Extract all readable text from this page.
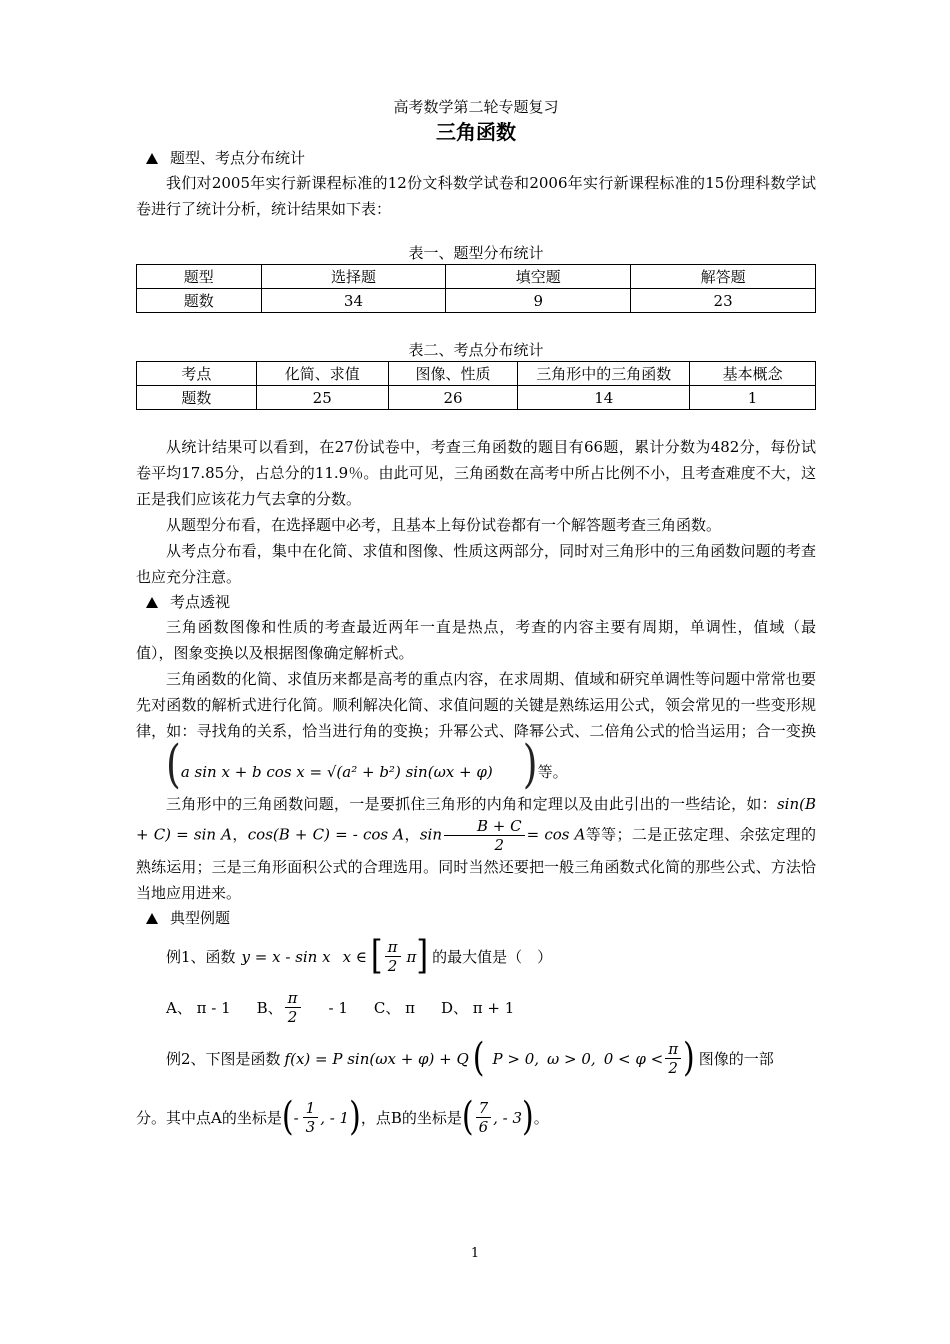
高考数学第二轮专题复习
三角函数
题型、考点分布统计

我们对2005年实行新课程标准的12份文科数学试卷和2006年实行新课程标准的15份理科数学试卷进行了统计分析，统计结果如下表：

表一、题型分布统计
题型	选择题	填空题	解答题
题数	34	9	23
表二、考点分布统计
考点	化简、求值	图像、性质	三角形中的三角函数	基本概念
题数	25	26	14	1

从统计结果可以看到，在27份试卷中，考查三角函数的题目有66题，累计分数为482分，每份试卷平均17.85分，占总分的11.9％。由此可见，三角函数在高考中所占比例不小，且考查难度不大，这正是我们应该花力气去拿的分数。

从题型分布看，在选择题中必考，且基本上每份试卷都有一个解答题考查三角函数。

从考点分布看，集中在化简、求值和图像、性质这两部分，同时对三角形中的三角函数问题的考查也应充分注意。

考点透视

三角函数图像和性质的考查最近两年一直是热点，考查的内容主要有周期，单调性，值域（最值），图象变换以及根据图像确定解析式。

三角函数的化简、求值历来都是高考的重点内容，在求周期、值域和研究单调性等问题中常常也要先对函数的解析式进行化简。顺利解决化简、求值问题的关键是熟练运用公式，领会常见的一些变形规律，如：寻找角的关系，恰当进行角的变换；升幂公式、降幂公式、二倍角公式的恰当运用；合一变换(a sin x + b cos x = √(a² + b²) sin(ωx + φ) )等。

三角形中的三角函数问题，一是要抓住三角形的内角和定理以及由此引出的一些结论，如：sin(B + C) = sin A，cos(B + C) = - cos A，$\sin \frac{B + C}{2} = \cos A$等等；二是正弦定理、余弦定理的熟练运用；三是三角形面积公式的合理选用。同时当然还要把一般三角函数式化简的那些公式、方法恰当地应用进来。

典型例题
例1、函数 y = x - sin x x ∈ [ $\frac{\pi}{2}$ π ] 的最大值是（　）
A、 π - 1 B、 $\frac{\pi}{2} - 1$ C、 π D、 π + 1
例2、下图是函数 f(x) = P sin(ωx + φ) + Q ( P > 0, ω > 0, $0 < \varphi < \frac{\pi}{2}$ ) 图像的一部
分。其中点A的坐标是 ( - $\frac{1}{3}$ , - 1 ) ，点B的坐标是 ( $\frac{7}{6}$ , - 3 ) 。
1
